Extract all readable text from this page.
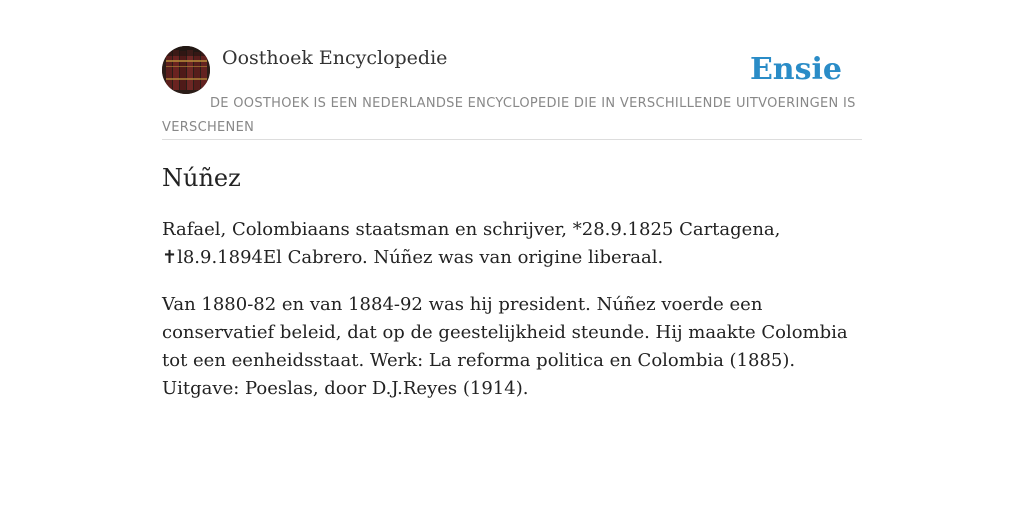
Oosthoek Encyclopedie	Ensie
DE OOSTHOEK IS EEN NEDERLANDSE ENCYCLOPEDIE DIE IN VERSCHILLENDE UITVOERINGEN IS VERSCHENEN
Núñez

Rafael, Colombiaans staatsman en schrijver, *28.9.1825 Cartagena, ✝l8.9.1894El Cabrero. Núñez was van origine liberaal.

Van 1880-82 en van 1884-92 was hij president. Núñez voerde een conservatief beleid, dat op de geestelijkheid steunde. Hij maakte Colombia tot een eenheidsstaat. Werk: La reforma politica en Colombia (1885). Uitgave: Poeslas, door D.J.Reyes (1914).
